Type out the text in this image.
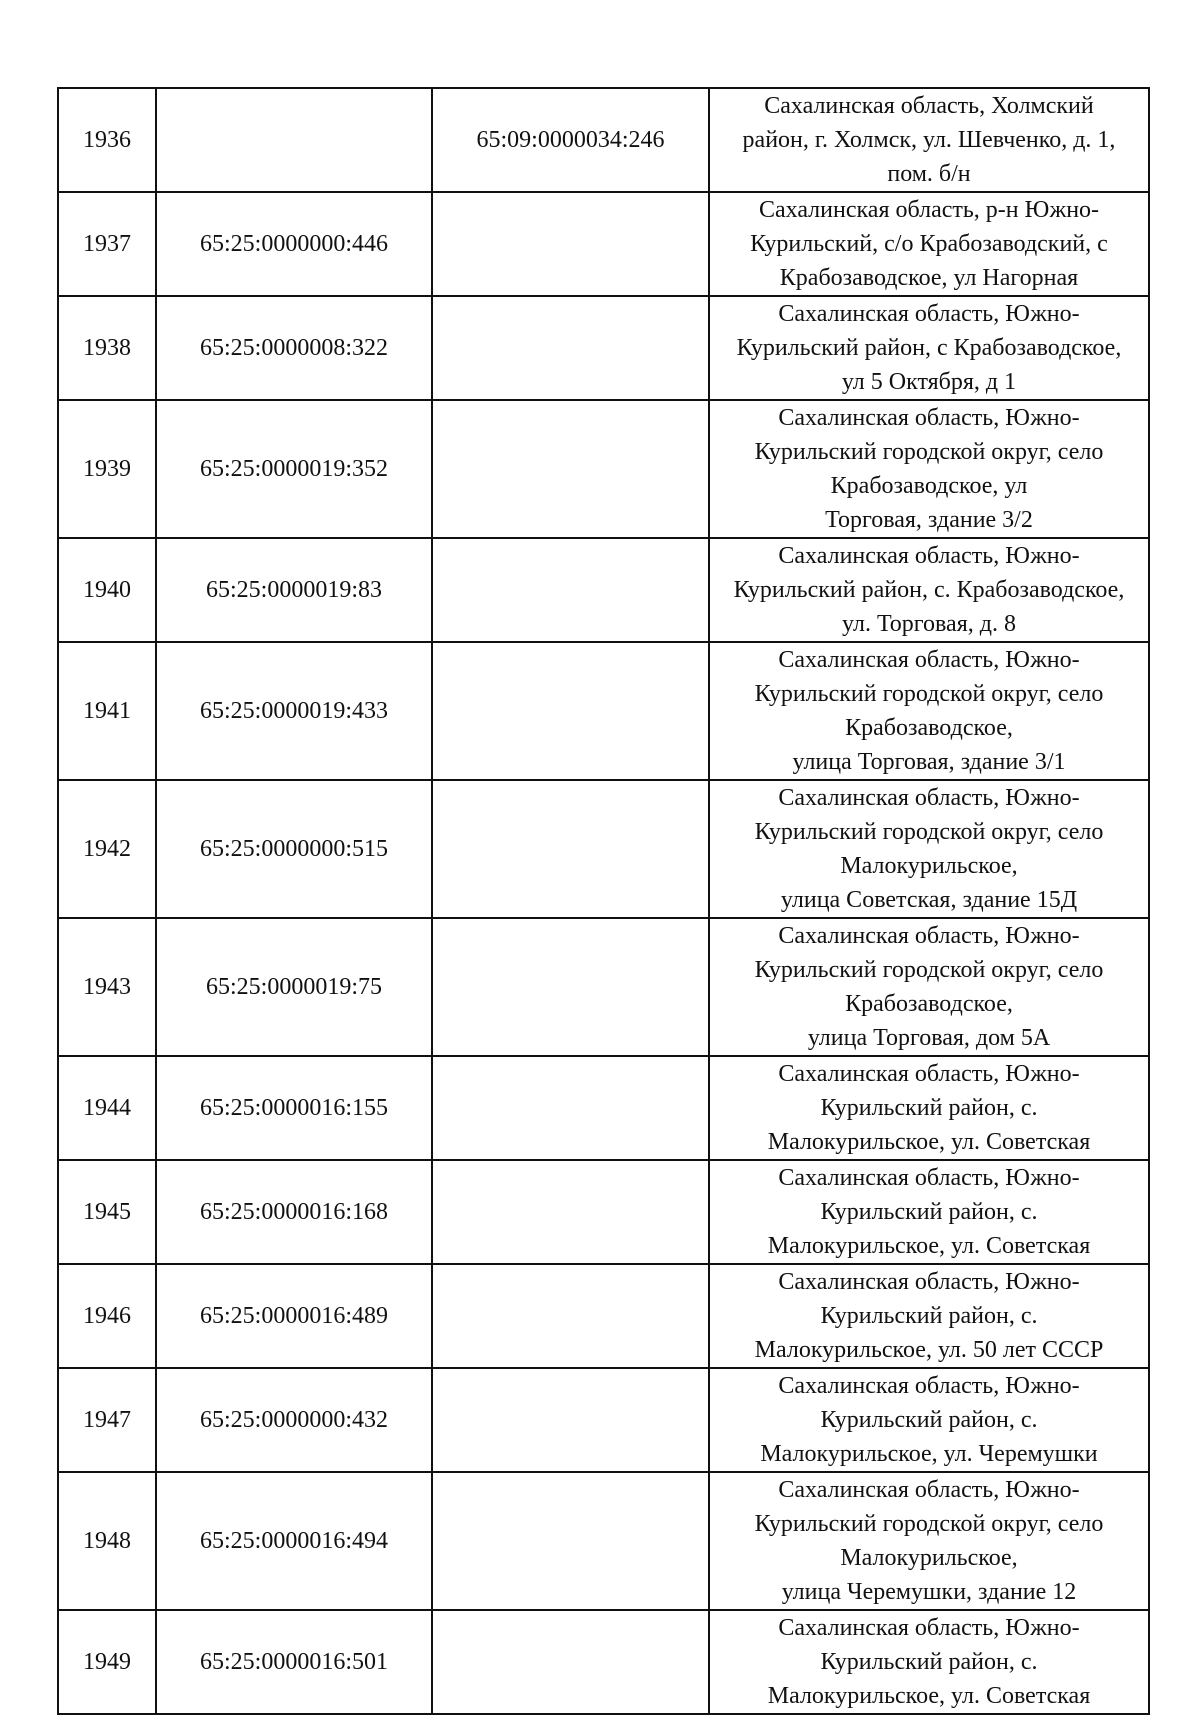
1936		65:09:0000034:246	Сахалинская область, Холмский
район, г. Холмск, ул. Шевченко, д. 1,
пом. б/н
1937	65:25:0000000:446		Сахалинская область, р-н Южно-
Курильский, с/о Крабозаводский, с
Крабозаводское, ул Нагорная
1938	65:25:0000008:322		Сахалинская область, Южно-
Курильский район, с Крабозаводское,
ул 5 Октября, д 1
1939	65:25:0000019:352		Сахалинская область, Южно-
Курильский городской округ, село
Крабозаводское, ул
Торговая, здание 3/2
1940	65:25:0000019:83		Сахалинская область, Южно-
Курильский район, с. Крабозаводское,
ул. Торговая, д. 8
1941	65:25:0000019:433		Сахалинская область, Южно-
Курильский городской округ, село
Крабозаводское,
улица Торговая, здание 3/1
1942	65:25:0000000:515		Сахалинская область, Южно-
Курильский городской округ, село
Малокурильское,
улица Советская, здание 15Д
1943	65:25:0000019:75		Сахалинская область, Южно-
Курильский городской округ, село
Крабозаводское,
улица Торговая, дом 5А
1944	65:25:0000016:155		Сахалинская область, Южно-
Курильский район, с.
Малокурильское, ул. Советская
1945	65:25:0000016:168		Сахалинская область, Южно-
Курильский район, с.
Малокурильское, ул. Советская
1946	65:25:0000016:489		Сахалинская область, Южно-
Курильский район, с.
Малокурильское, ул. 50 лет СССР
1947	65:25:0000000:432		Сахалинская область, Южно-
Курильский район, с.
Малокурильское, ул. Черемушки
1948	65:25:0000016:494		Сахалинская область, Южно-
Курильский городской округ, село
Малокурильское,
улица Черемушки, здание 12
1949	65:25:0000016:501		Сахалинская область, Южно-
Курильский район, с.
Малокурильское, ул. Советская
